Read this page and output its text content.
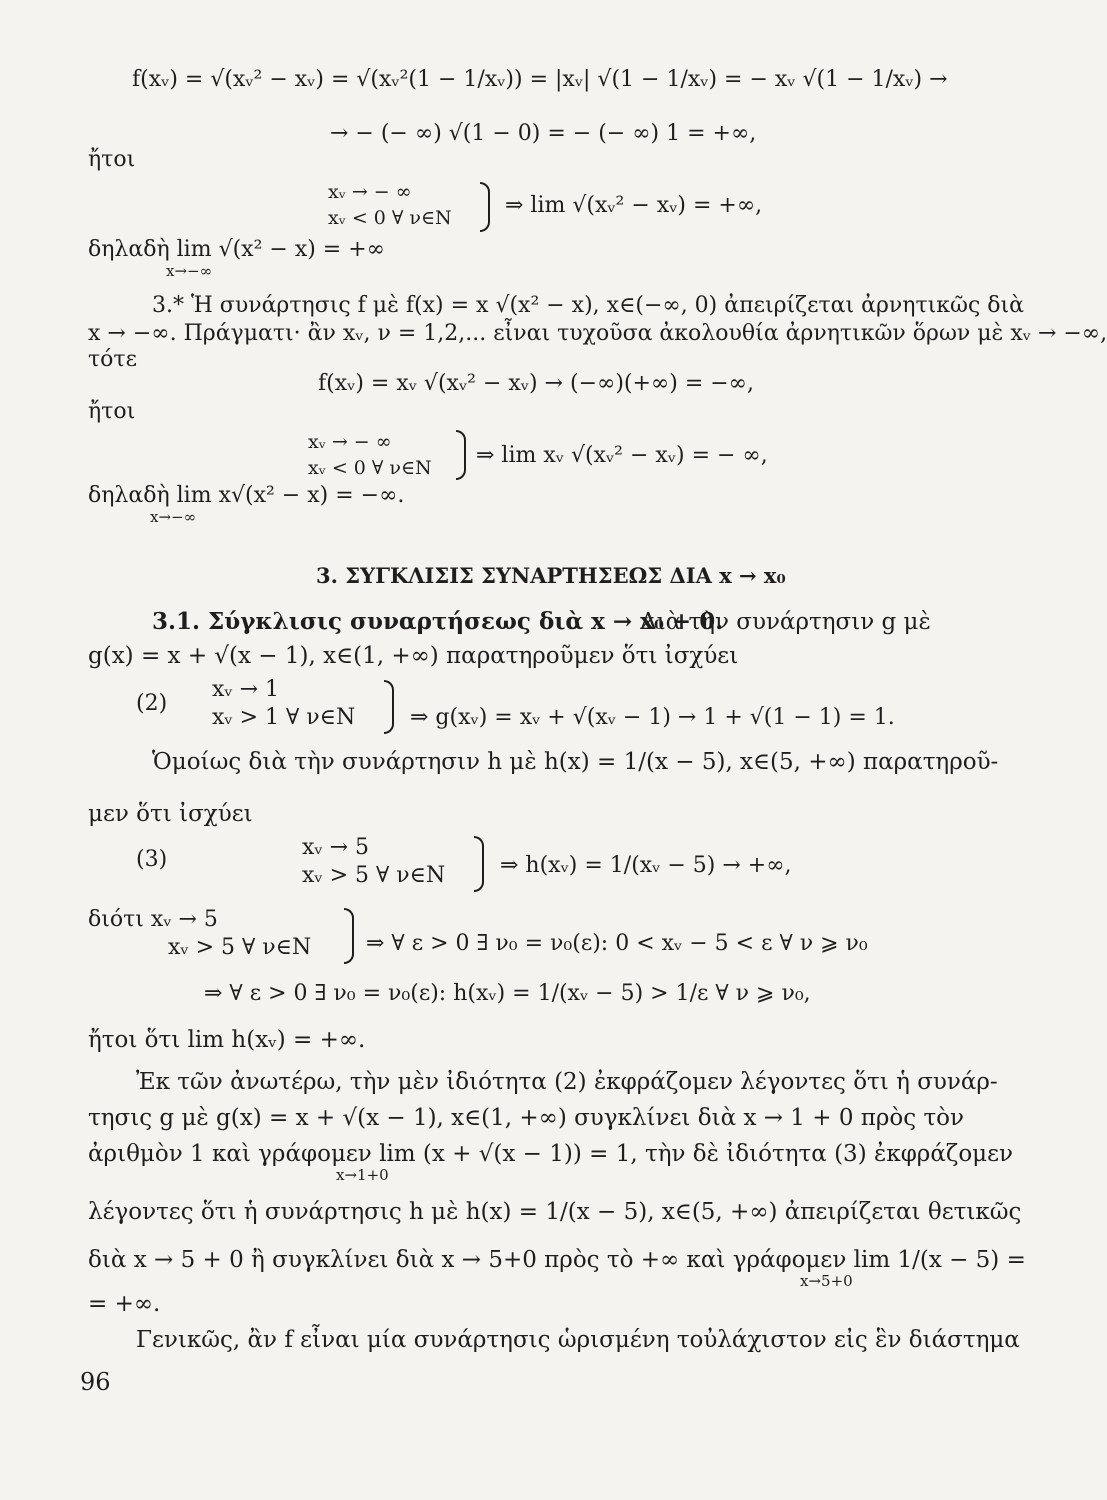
f(xᵥ) = √(xᵥ² − xᵥ) = √(xᵥ²(1 − 1/xᵥ)) = |xᵥ| √(1 − 1/xᵥ) = − xᵥ √(1 − 1/xᵥ) →
→ − (− ∞) √(1 − 0) = − (− ∞) 1 = +∞,
ἤτοι
xᵥ → − ∞
xᵥ < 0 ∀ ν∈N ⇒ lim √(xᵥ² − xᵥ) = +∞,
δηλαδὴ lim √(x² − x) = +∞
x→−∞
3.* Ἡ συνάρτησις f μὲ f(x) = x √(x² − x), x∈(−∞, 0) ἀπειρίζεται ἀρνητικῶς διὰ
x → −∞. Πράγματι· ἂν xᵥ, ν = 1,2,... εἶναι τυχοῦσα ἀκολουθία ἀρνητικῶν ὅρων μὲ xᵥ → −∞,
τότε
f(xᵥ) = xᵥ √(xᵥ² − xᵥ) → (−∞)(+∞) = −∞,
ἤτοι
xᵥ → − ∞
xᵥ < 0 ∀ ν∈N ⇒ lim xᵥ √(xᵥ² − xᵥ) = − ∞,
δηλαδὴ lim x√(x² − x) = −∞.
x→−∞
3. ΣΥΓΚΛΙΣΙΣ ΣΥΝΑΡΤΗΣΕΩΣ ΔΙΑ x → x₀
3.1. Σύγκλισις συναρτήσεως διὰ x → x₀ + 0.
Διὰ τὴν συνάρτησιν g μὲ
g(x) = x + √(x − 1), x∈(1, +∞) παρατηροῦμεν ὅτι ἰσχύει
xᵥ → 1
(2)
xᵥ > 1 ∀ ν∈N ⇒ g(xᵥ) = xᵥ + √(xᵥ − 1) → 1 + √(1 − 1) = 1.
Ὁμοίως διὰ τὴν συνάρτησιν h μὲ h(x) = 1/(x − 5), x∈(5, +∞) παρατηροῦ-
μεν ὅτι ἰσχύει
xᵥ → 5
(3)
xᵥ > 5 ∀ ν∈N ⇒ h(xᵥ) = 1/(xᵥ − 5) → +∞,
διότι xᵥ → 5
xᵥ > 5 ∀ ν∈N ⇒ ∀ ε > 0 ∃ ν₀ = ν₀(ε): 0 < xᵥ − 5 < ε ∀ ν ⩾ ν₀
⇒ ∀ ε > 0 ∃ ν₀ = ν₀(ε): h(xᵥ) = 1/(xᵥ − 5) > 1/ε ∀ ν ⩾ ν₀,
ἤτοι ὅτι lim h(xᵥ) = +∞.
Ἐκ τῶν ἀνωτέρω, τὴν μὲν ἰδιότητα (2) ἐκφράζομεν λέγοντες ὅτι ἡ συνάρ-
τησις g μὲ g(x) = x + √(x − 1), x∈(1, +∞) συγκλίνει διὰ x → 1 + 0 πρὸς τὸν
ἀριθμὸν 1 καὶ γράφομεν lim (x + √(x − 1)) = 1, τὴν δὲ ἰδιότητα (3) ἐκφράζομεν
x→1+0
λέγοντες ὅτι ἡ συνάρτησις h μὲ h(x) = 1/(x − 5), x∈(5, +∞) ἀπειρίζεται θετικῶς
διὰ x → 5 + 0 ἢ συγκλίνει διὰ x → 5+0 πρὸς τὸ +∞ καὶ γράφομεν lim 1/(x − 5) =
x→5+0
= +∞.
Γενικῶς, ἂν f εἶναι μία συνάρτησις ὡρισμένη τοὐλάχιστον εἰς ἓν διάστημα
96
